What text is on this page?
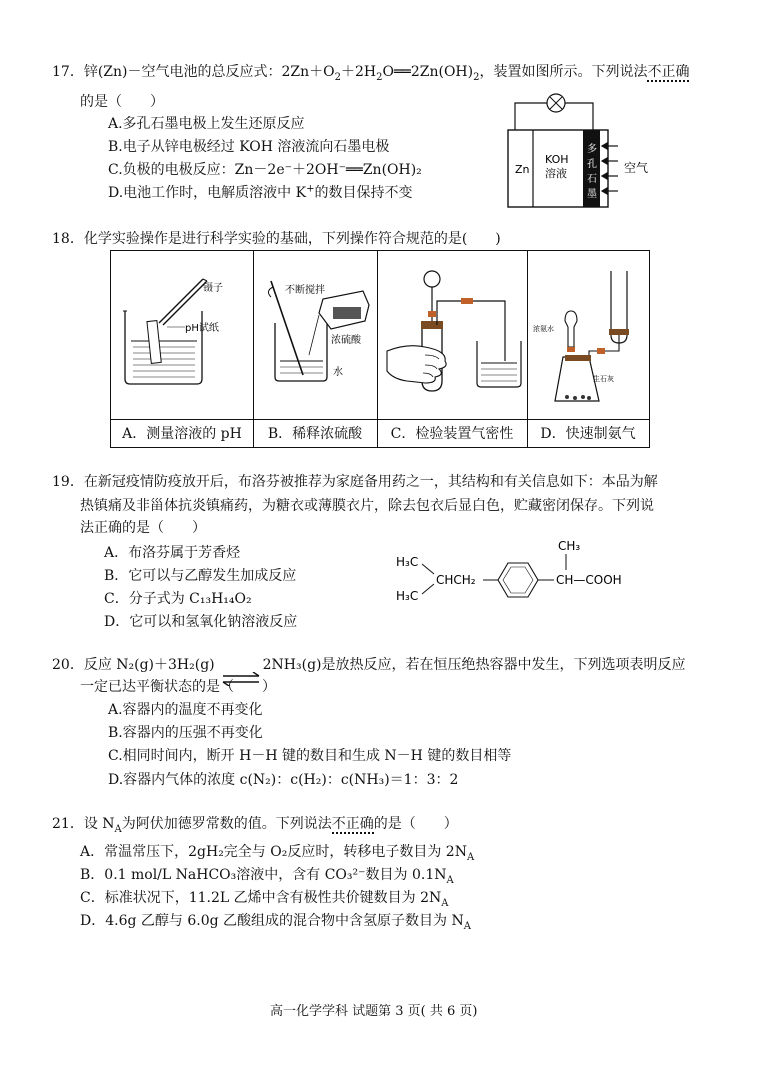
17．锌(Zn)－空气电池的总反应式：$2Zn+O_2+2H_2O══2Zn(OH)_2$，装置如图所示。下列说法不正确
的是（　　）
A.多孔石墨电极上发生还原反应
B.电子从锌电极经过 KOH 溶液流向石墨电极
C.负极的电极反应：Zn－2e⁻＋2OH⁻══Zn(OH)₂
D.电池工作时，电解质溶液中 K+的数目保持不变
Zn
KOH
溶液
多
孔
石
墨
空气
18．化学实验操作是进行科学实验的基础，下列操作符合规范的是(　　)
镊子
pH试纸
A．测量溶液的 pH
不断搅拌
浓硫酸
水
B．稀释浓硫酸	C．检验装置气密性
浓氨水
生石灰
D．快速制氨气
19．在新冠疫情防疫放开后，布洛芬被推荐为家庭备用药之一，其结构和有关信息如下：本品为解
热镇痛及非甾体抗炎镇痛药，为糖衣或薄膜衣片，除去包衣后显白色，贮藏密闭保存。下列说
法正确的是（　　）
A．布洛芬属于芳香烃
B．它可以与乙醇发生加成反应
C．分子式为 C₁₃H₁₄O₂
D．它可以和氢氧化钠溶液反应
H₃C
H₃C
CHCH₂
CH₃
CH—COOH
20．反应 N₂(g)＋3H₂(g)	2NH₃(g)是放热反应，若在恒压绝热容器中发生，下列选项表明反应
一定已达平衡状态的是（　　）
A.容器内的温度不再变化
B.容器内的压强不再变化
C.相同时间内，断开 H－H 键的数目和生成 N－H 键的数目相等
D.容器内气体的浓度 c(N₂)：c(H₂)：c(NH₃)＝1：3：2
21．设 $N_A$为阿伏加德罗常数的值。下列说法不正确的是（　　）
A．常温常压下，2gH₂完全与 O₂反应时，转移电子数目为 $2N_A$
B．0.1 mol/L NaHCO₃溶液中，含有 CO₃²⁻数目为 $0.1N_A$
C．标准状况下，11.2L 乙烯中含有极性共价键数目为 $2N_A$
D．4.6g 乙醇与 6.0g 乙酸组成的混合物中含氢原子数目为 $N_A$
高一化学学科 试题第 3 页( 共 6 页)
